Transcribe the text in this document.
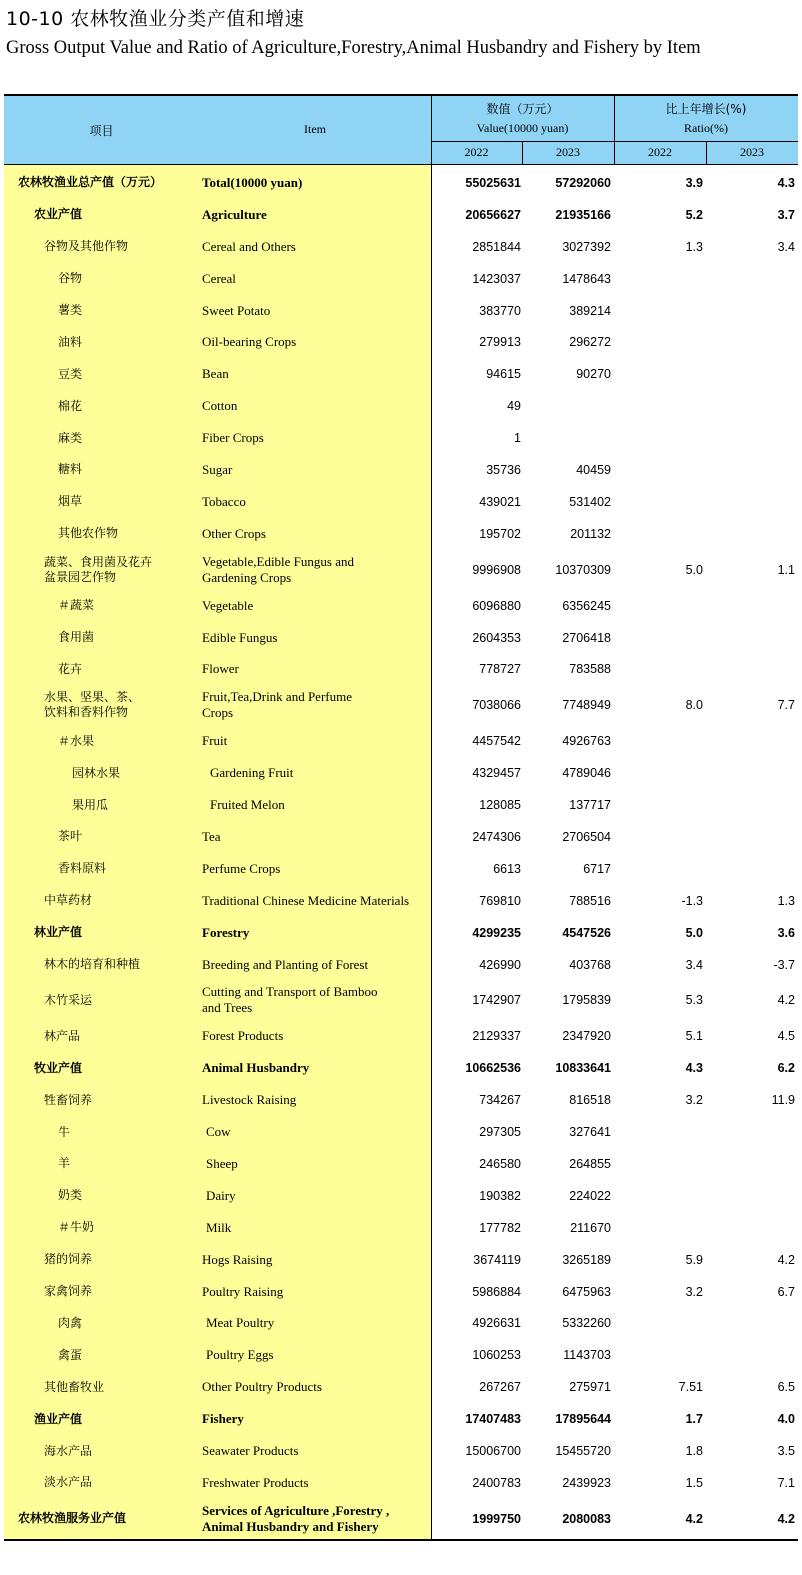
10-10 农林牧渔业分类产值和增速
Gross Output Value and Ratio of Agriculture,Forestry,Animal Husbandry and Fishery by Item
项目	Item
数值（万元）
Value(10000 yuan)
比上年增长(%)
Ratio(%)
2022	2023	2022	2023
农林牧渔业总产值（万元）	Total(10000 yuan)	55025631	57292060	3.9	4.3
农业产值	Agriculture	20656627	21935166	5.2	3.7
谷物及其他作物	Cereal and Others	2851844	3027392	1.3	3.4
谷物	Cereal	1423037	1478643
薯类	Sweet Potato	383770	389214
油料	Oil-bearing Crops	279913	296272
豆类	Bean	94615	90270
棉花	Cotton	49
麻类	Fiber Crops	1
糖料	Sugar	35736	40459
烟草	Tobacco	439021	531402
其他农作物	Other Crops	195702	201132
蔬菜、食用菌及花卉
盆景园艺作物
Vegetable,Edible Fungus and
Gardening Crops	9996908	10370309	5.0	1.1
＃蔬菜	Vegetable	6096880	6356245
食用菌	Edible Fungus	2604353	2706418
花卉	Flower	778727	783588
水果、坚果、茶、
饮料和香料作物
Fruit,Tea,Drink and Perfume
Crops	7038066	7748949	8.0	7.7
＃水果	Fruit	4457542	4926763
园林水果	Gardening Fruit	4329457	4789046
果用瓜	Fruited Melon	128085	137717
茶叶	Tea	2474306	2706504
香料原料	Perfume Crops	6613	6717
中草药材	Traditional Chinese Medicine Materials	769810	788516	-1.3	1.3
林业产值	Forestry	4299235	4547526	5.0	3.6
林木的培育和种植	Breeding and Planting of Forest	426990	403768	3.4	-3.7
木竹采运
Cutting and Transport of Bamboo
and Trees	1742907	1795839	5.3	4.2
林产品	Forest Products	2129337	2347920	5.1	4.5
牧业产值	Animal Husbandry	10662536	10833641	4.3	6.2
牲畜饲养	Livestock Raising	734267	816518	3.2	11.9
牛	Cow	297305	327641
羊	Sheep	246580	264855
奶类	Dairy	190382	224022
＃牛奶	Milk	177782	211670
猪的饲养	Hogs Raising	3674119	3265189	5.9	4.2
家禽饲养	Poultry Raising	5986884	6475963	3.2	6.7
肉禽	Meat Poultry	4926631	5332260
禽蛋	Poultry Eggs	1060253	1143703
其他畜牧业	Other Poultry Products	267267	275971	7.51	6.5
渔业产值	Fishery	17407483	17895644	1.7	4.0
海水产品	Seawater Products	15006700	15455720	1.8	3.5
淡水产品	Freshwater Products	2400783	2439923	1.5	7.1
农林牧渔服务业产值
Services of Agriculture ,Forestry ,
Animal Husbandry and Fishery	1999750	2080083	4.2	4.2
